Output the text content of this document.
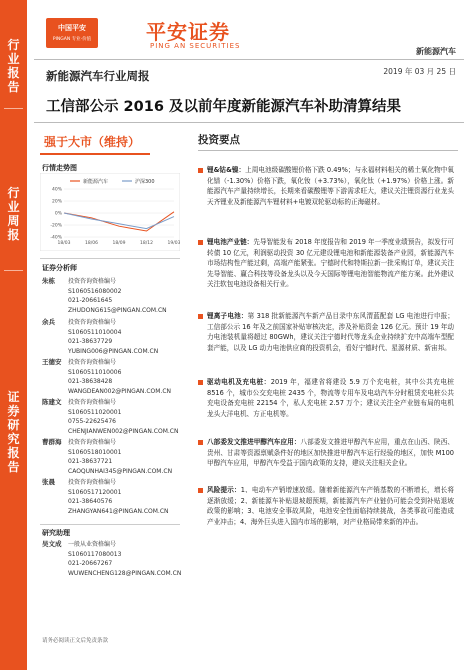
行
业
报
告
行
业
周
报
证
券
研
究
报
告
中国平安
PINGAN 专业·价值	平安证券
PING AN SECURITIES
新能源汽车
2019 年 03 月 25 日
新能源汽车行业周报
工信部公示 2016 及以前年度新能源汽车补助清算结果
强于大市（维持）
行情走势图
40%
20%
0%
-20%
-40%
18/03	18/06	18/09	18/12	19/03
新能源汽车	沪深300
证券分析师
朱栋 投资咨询资格编号
S1060516080002
021-20661645
ZHUDONG615@PINGAN.COM.CN
余兵 投资咨询资格编号
S1060511010004
021-38637729
YUBING006@PINGAN.COM.CN
王德安 投资咨询资格编号
S1060511010006
021-38638428
WANGDEAN002@PINGAN.COM.CN
陈建文 投资咨询资格编号
S1060511020001
0755-22625476
CHENJIANWEN002@PINGAN.COM.CN
曹群海 投资咨询资格编号
S1060518010001
021-38637721
CAOQUNHAI345@PINGAN.COM.CN
张晨 投资咨询资格编号
S1060517120001
021-38640576
ZHANGYAN641@PINGAN.COM.CN
研究助理
吴文成 一般从业资格编号
S1060117080013
021-20667267
WUWENCHENG128@PINGAN.COM.CN
请务必阅读正文后免责条款
投资要点
锂&钴&镍：上周电池级碳酸锂价格下跌 0.49%；与永福材料相关的稀土氧化物中氧化镨（-1.30%）价格下跌，氧化钕（+3.73%），氧化钛（+1.97%）价格上涨。新能源汽车产量持续增长，长期来看碳酸锂等下游需求旺大，建议关注锂资源行业龙头天齐锂业及新能源汽车锂材料+电镀双轮驱动标的正海磁材。
锂电池产业链：先导智能发布 2018 年度报告和 2019 年一季度业绩预告，拟发行可转债 10 亿元，利润驱动投资 30 亿元建设锂电池和新能源装备产业园，新能源汽车市场结构性产能过剩，高端产能紧张。宁德时代和特斯拉新一批采购订单，建议关注先导智能、赢合科技等设备龙头以及今天国际等锂电池智能物流产能方案。此外建议关注软包电池设备相关行业。
锂离子电池：第 318 批新能源汽车新产品目录中东风渭蓝配套 LG 电池进行申报；工信部公示 16 年及之前国家补贴审核决定，涉及补贴资金 126 亿元。预计 19 年动力电池装机量将超过 80GWh，建议关注宁德时代等龙头企业持续扩充中高端车型配套产能，以及 LG 动力电池供应商的投资机会，看好宁德时代、星源材质、新宙邦。
驱动电机及充电桩：2019 年，福建省将建设 5.9 万个充电桩，其中公共充电桩 8516 个，城市公交充电桩 2435 个，物流等专用车及电动汽车分时租赁充电桩公共充电设备充电桩 22154 个，私人充电桩 2.57 万个；建议关注全产业链布局的电机龙头大洋电机、方正电机等。
八部委发文推进甲醇汽车应用：八部委发文推进甲醇汽车应用，重点在山西、陕西、贵州、甘肃等资源禀赋条件好的地区加快推进甲醇汽车运行经验的地区，加快 M100 甲醇汽车应用，甲醇汽车受益于国内政策的支持，建议关注相关企业。
风险提示：1、电动车产销增速放缓。随着新能源汽车产销基数的不断增长，增长将逐渐放缓；2、新能源车补贴退坡超预期，新能源汽车产业链仍可能会受到补贴退坡政策的影响；3、电池安全事故风险，电池安全性面临持续挑战，各类事故可能造成产业冲击；4、海外巨头进入国内市场的影响，对产业格局带来新的冲击。
